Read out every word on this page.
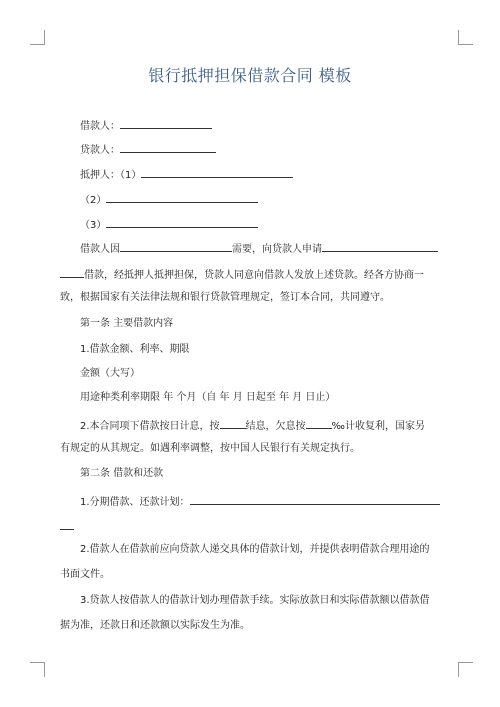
银行抵押担保借款合同 模板
借款人：
贷款人：
抵押人：（1）
（2）
（3）
借款人因	需要，向贷款人申请
借款，经抵押人抵押担保，贷款人同意向借款人发放上述贷款。经各方协商一
致，根据国家有关法律法规和银行贷款管理规定，签订本合同，共同遵守。
第一条 主要借款内容
1.借款金额、利率、期限
金额（大写）
用途种类利率期限 年 个月（自 年 月 日起至 年 月 日止）
2.本合同项下借款按日计息，按	结息，欠息按	‰计收复利，国家另
有规定的从其规定。如遇利率调整，按中国人民银行有关规定执行。
第二条 借款和还款
1.分期借款、还款计划：
2.借款人在借款前应向贷款人递交具体的借款计划，并提供表明借款合理用途的
书面文件。
3.贷款人按借款人的借款计划办理借款手续。实际放款日和实际借款额以借款借
据为准，还款日和还款额以实际发生为准。
